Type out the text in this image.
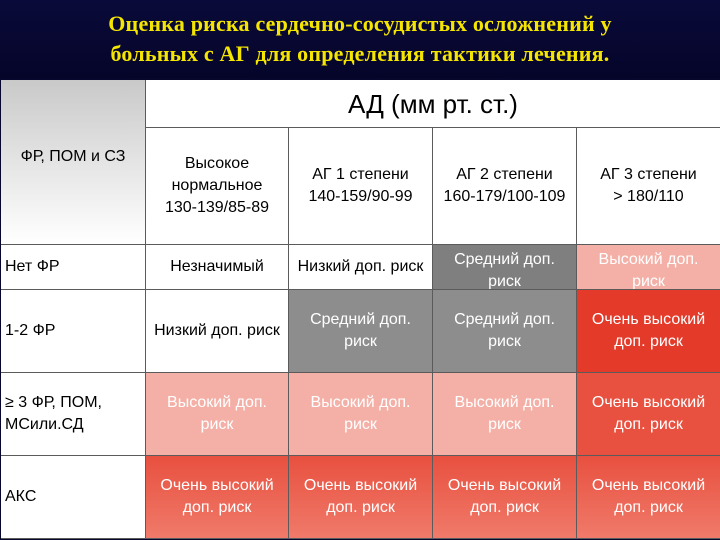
Оценка риска сердечно-сосудистых осложнений у
больных с АГ для определения тактики лечения.
ФР, ПОМ и СЗ
АД (мм рт. ст.)
Высокое
нормальное
130-139/85-89
АГ 1 степени
140-159/90-99
АГ 2 степени
160-179/100-109
АГ 3 степени
> 180/110
Нет ФР	Незначимый Низкий доп. риск Средний доп.
риск
Высокий доп.
риск
1-2 ФР	Низкий доп. риск
Средний доп.
риск
Средний доп.
риск
Очень высокий
доп. риск
≥ 3 ФР, ПОМ,
МСили.СД
Высокий доп.
риск
Высокий доп.
риск
Высокий доп.
риск
Очень высокий
доп. риск
АКС
Очень высокий
доп. риск
Очень высокий
доп. риск
Очень высокий
доп. риск
Очень высокий
доп. риск
